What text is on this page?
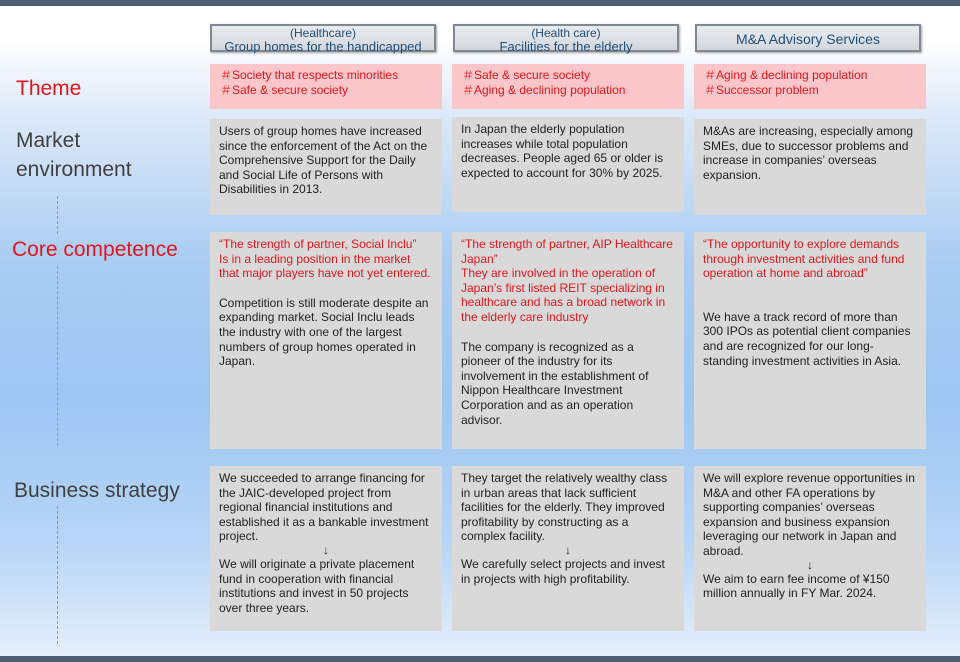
Theme
Market environment
Core competence
Business strategy
(Healthcare)
Group homes for the handicapped
＃Society that respects minorities
＃Safe & secure society

Users of group homes have increased since the enforcement of the Act on the Comprehensive Support for the Daily and Social Life of Persons with Disabilities in 2013.

“The strength of partner, Social Inclu”
Is in a leading position in the market that major players have not yet entered.

Competition is still moderate despite an expanding market. Social Inclu leads the industry with one of the largest numbers of group homes operated in Japan.

We succeeded to arrange financing for the JAIC-developed project from regional financial institutions and established it as a bankable investment project.

↓

We will originate a private placement fund in cooperation with financial institutions and invest in 50 projects over three years.

(Health care)
Facilities for the elderly
＃Safe & secure society
＃Aging & declining population

In Japan the elderly population increases while total population decreases. People aged 65 or older is expected to account for 30% by 2025.

“The strength of partner, AIP Healthcare Japan”
They are involved in the operation of Japan’s first listed REIT specializing in healthcare and has a broad network in the elderly care industry

The company is recognized as a pioneer of the industry for its involvement in the establishment of Nippon Healthcare Investment Corporation and as an operation advisor.

They target the relatively wealthy class in urban areas that lack sufficient facilities for the elderly. They improved profitability by constructing as a complex facility.

↓

We carefully select projects and invest in projects with high profitability.

M&A Advisory Services
＃Aging & declining population
＃Successor problem

M&As are increasing, especially among SMEs, due to successor problems and increase in companies’ overseas expansion.

“The opportunity to explore demands through investment activities and fund operation at home and abroad”

We have a track record of more than 300 IPOs as potential client companies and are recognized for our long-standing investment activities in Asia.

We will explore revenue opportunities in M&A and other FA operations by supporting companies’ overseas expansion and business expansion leveraging our network in Japan and abroad.

↓

We aim to earn fee income of ¥150 million annually in FY Mar. 2024.
